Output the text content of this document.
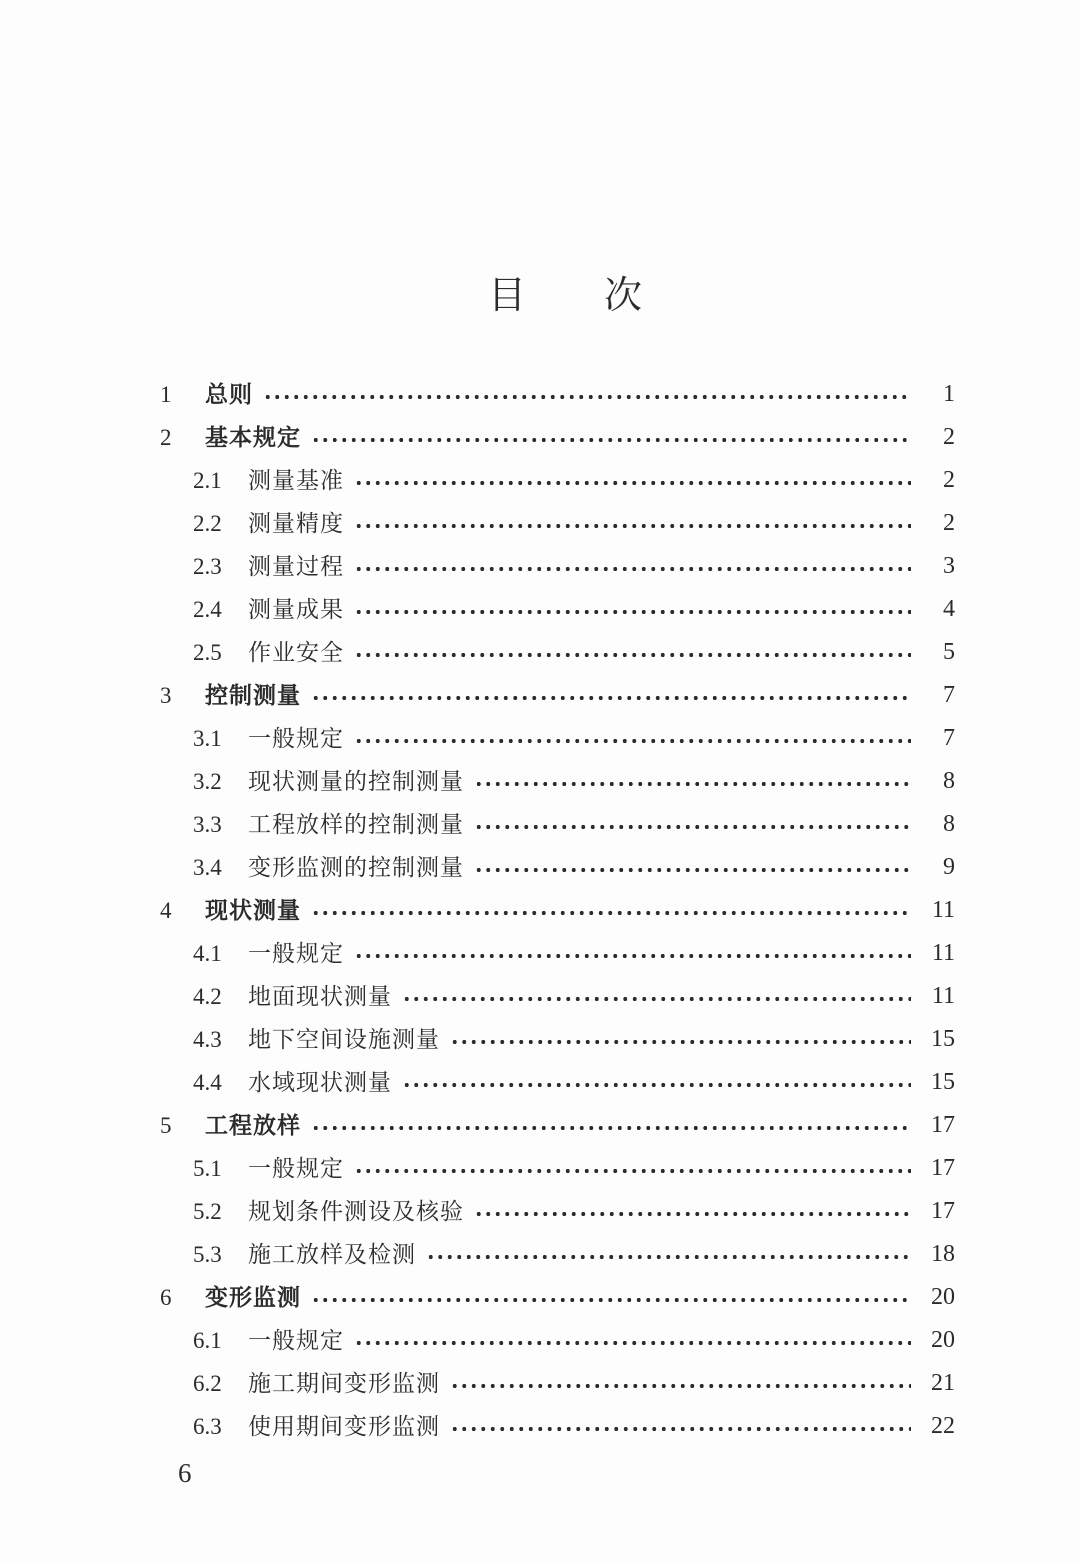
目 次
1	总则	1
2	基本规定	2
2.1	测量基准	2
2.2	测量精度	2
2.3	测量过程	3
2.4	测量成果	4
2.5	作业安全	5
3	控制测量	7
3.1	一般规定	7
3.2	现状测量的控制测量	8
3.3	工程放样的控制测量	8
3.4	变形监测的控制测量	9
4	现状测量	11
4.1	一般规定	11
4.2	地面现状测量	11
4.3	地下空间设施测量	15
4.4	水域现状测量	15
5	工程放样	17
5.1	一般规定	17
5.2	规划条件测设及核验	17
5.3	施工放样及检测	18
6	变形监测	20
6.1	一般规定	20
6.2	施工期间变形监测	21
6.3	使用期间变形监测	22
6
